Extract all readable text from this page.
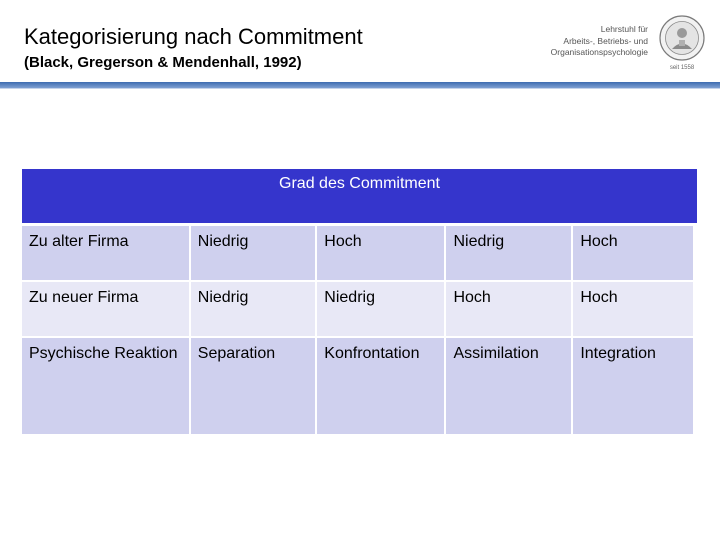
Kategorisierung nach Commitment
(Black, Gregerson & Mendenhall, 1992)
Lehrstuhl für
Arbeits-, Betriebs- und
Organisationspsychologie
seit 1558
Grad des Commitment
Zu alter Firma	Niedrig	Hoch	Niedrig	Hoch
Zu neuer Firma	Niedrig	Niedrig	Hoch	Hoch
Psychische Reaktion	Separation	Konfrontation	Assimilation	Integration
